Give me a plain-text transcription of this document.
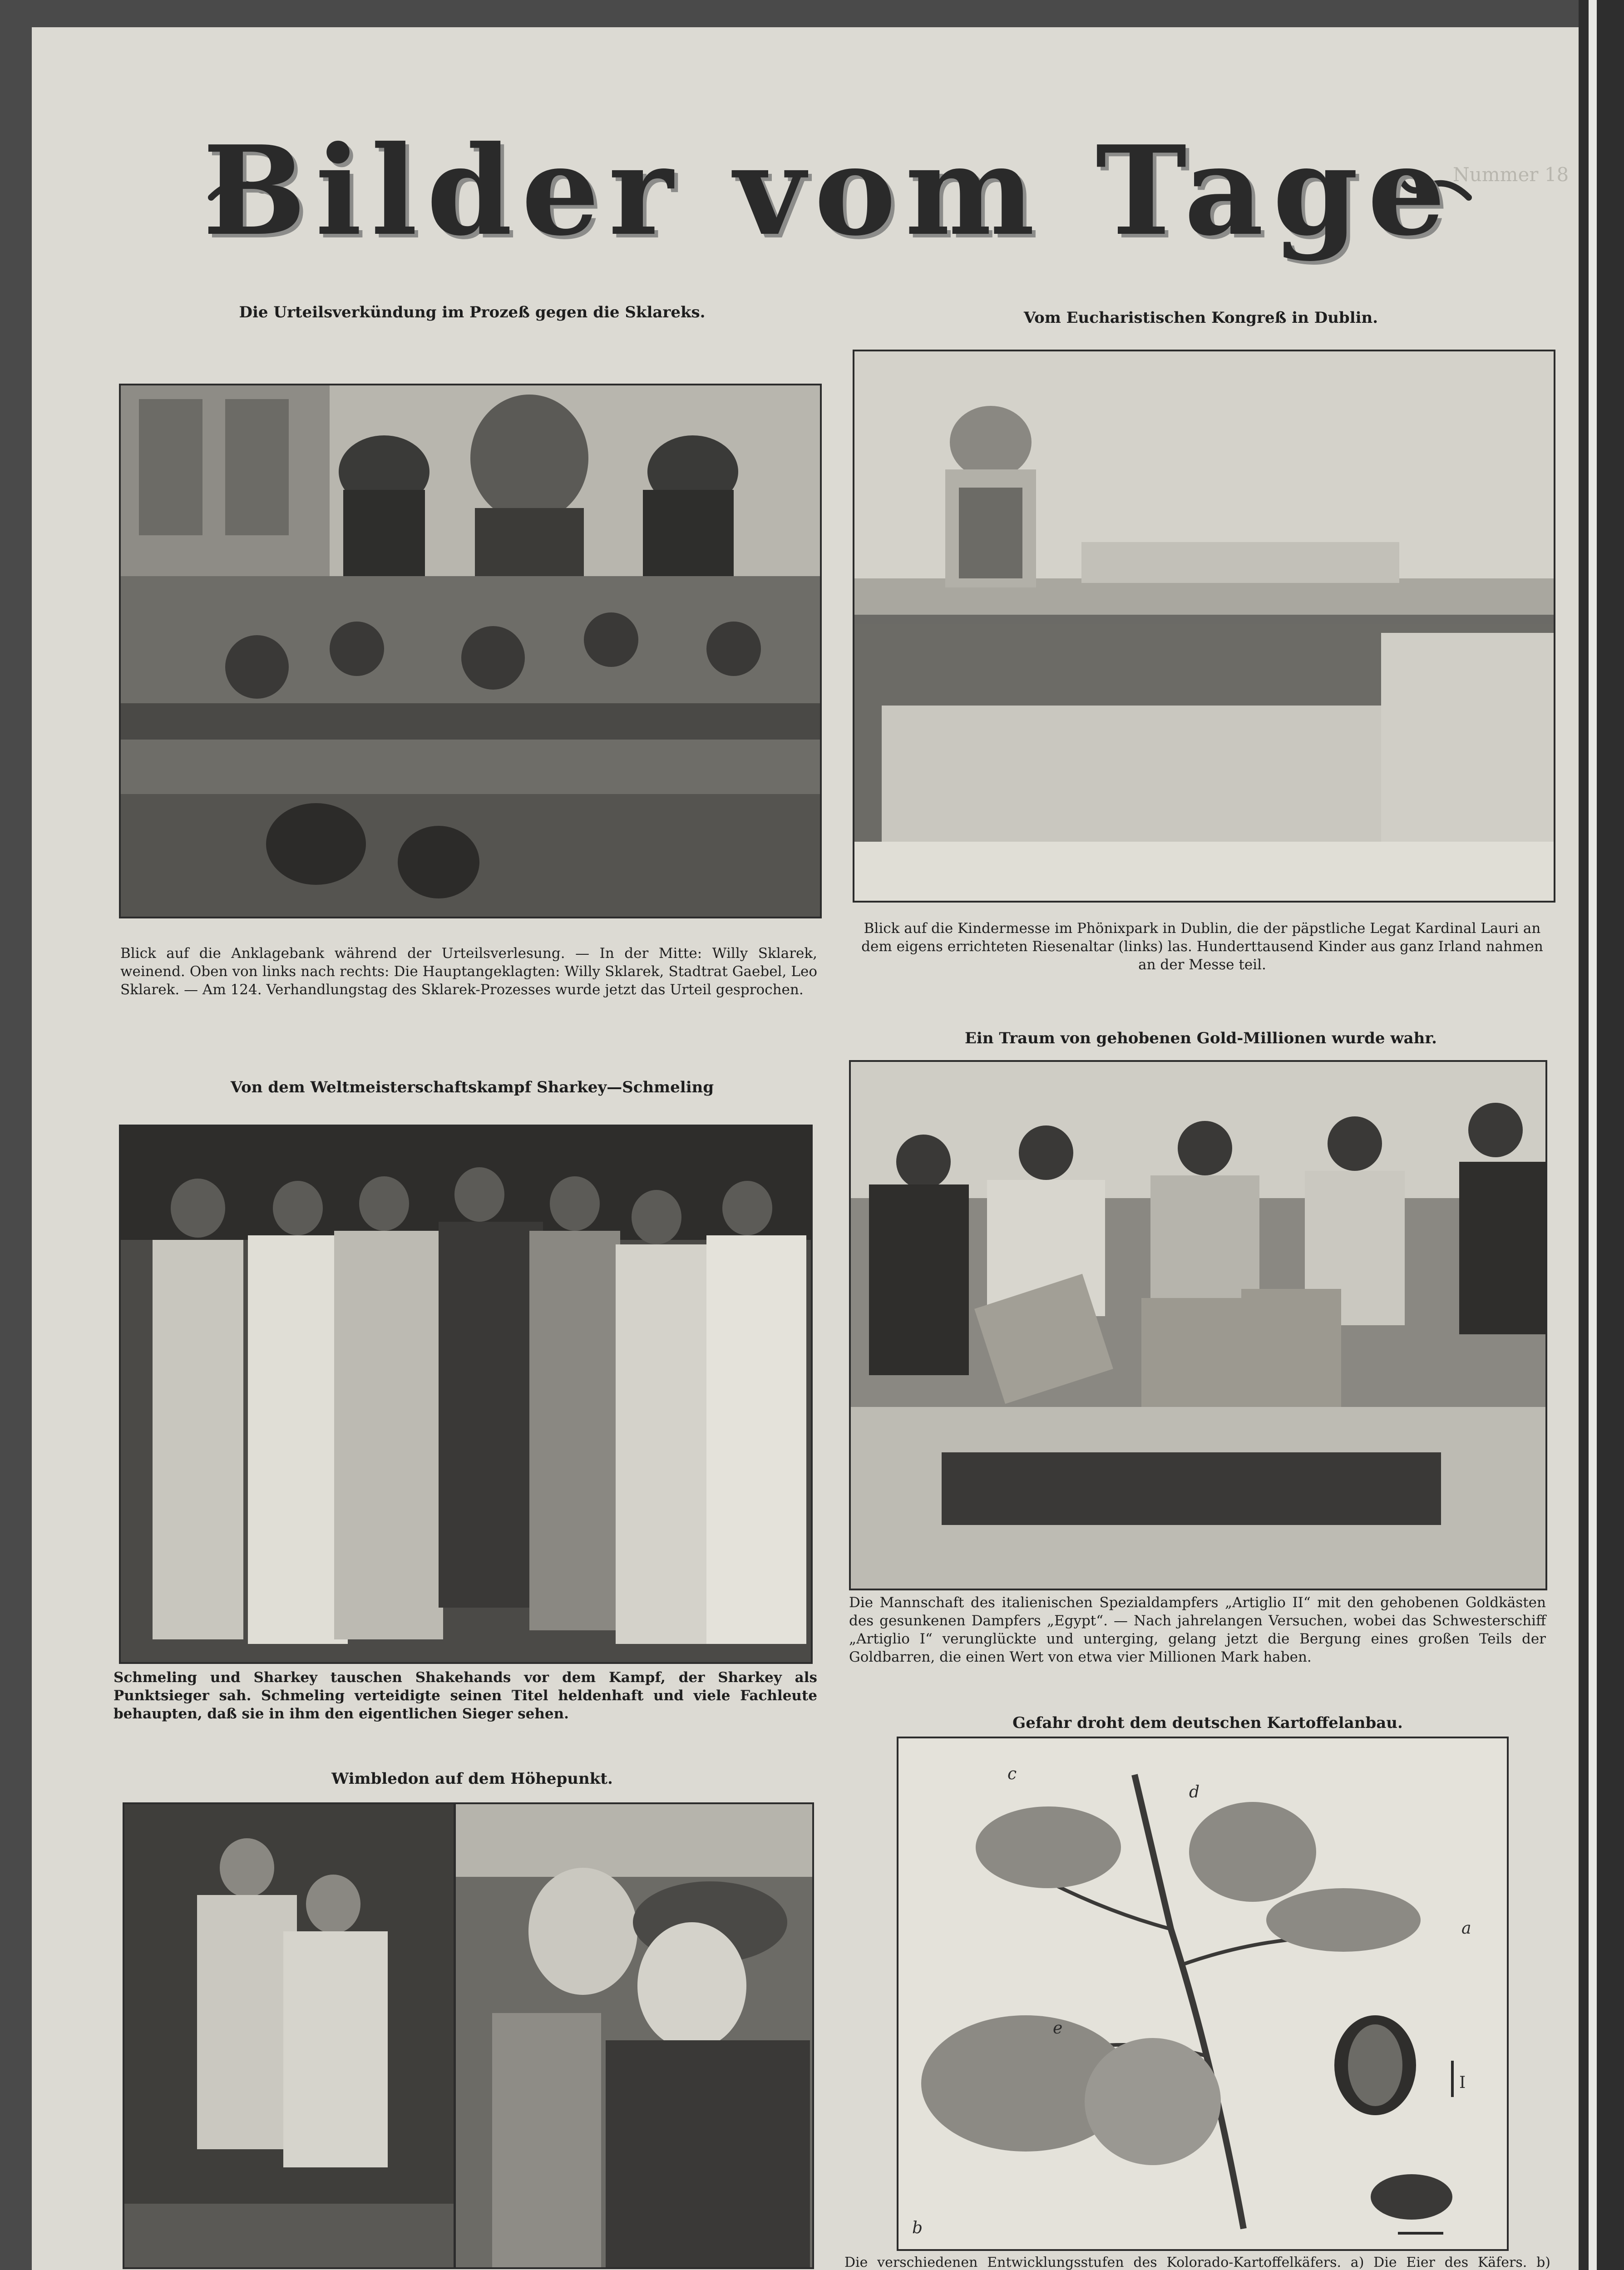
Nummer 18
Bilder vom Tage
Die Urteilsverkündung im Prozeß gegen die Sklareks.
Blick auf die Anklagebank während der Urteilsverlesung. — In der Mitte: Willy Sklarek, weinend. Oben von links nach rechts: Die Hauptangeklagten: Willy Sklarek, Stadtrat Gaebel, Leo Sklarek. — Am 124. Verhandlungstag des Sklarek-Prozesses wurde jetzt das Urteil gesprochen.
Vom Eucharistischen Kongreß in Dublin.
Blick auf die Kindermesse im Phönixpark in Dublin, die der päpstliche Legat Kardinal Lauri an dem eigens errichteten Riesenaltar (links) las. Hunderttausend Kinder aus ganz Irland nahmen an der Messe teil.
Ein Traum von gehobenen Gold-Millionen wurde wahr.
Die Mannschaft des italienischen Spezialdampfers „Artiglio II“ mit den gehobenen Goldkästen des gesunkenen Dampfers „Egypt“. — Nach jahrelangen Versuchen, wobei das Schwesterschiff „Artiglio I“ verunglückte und unterging, gelang jetzt die Bergung eines großen Teils der Goldbarren, die einen Wert von etwa vier Millionen Mark haben.
Von dem Weltmeisterschaftskampf Sharkey—Schmeling
Schmeling und Sharkey tauschen Shakehands vor dem Kampf, der Sharkey als Punktsieger sah. Schmeling verteidigte seinen Titel heldenhaft und viele Fachleute behaupten, daß sie in ihm den eigentlichen Sieger sehen.
Wimbledon auf dem Höhepunkt.
Gefahr droht dem deutschen Kartoffelanbau.
c
d
a
e
b
I
Die verschiedenen Entwicklungsstufen des Kolorado-Kartoffelkäfers. a) Die Eier des Käfers. b)
